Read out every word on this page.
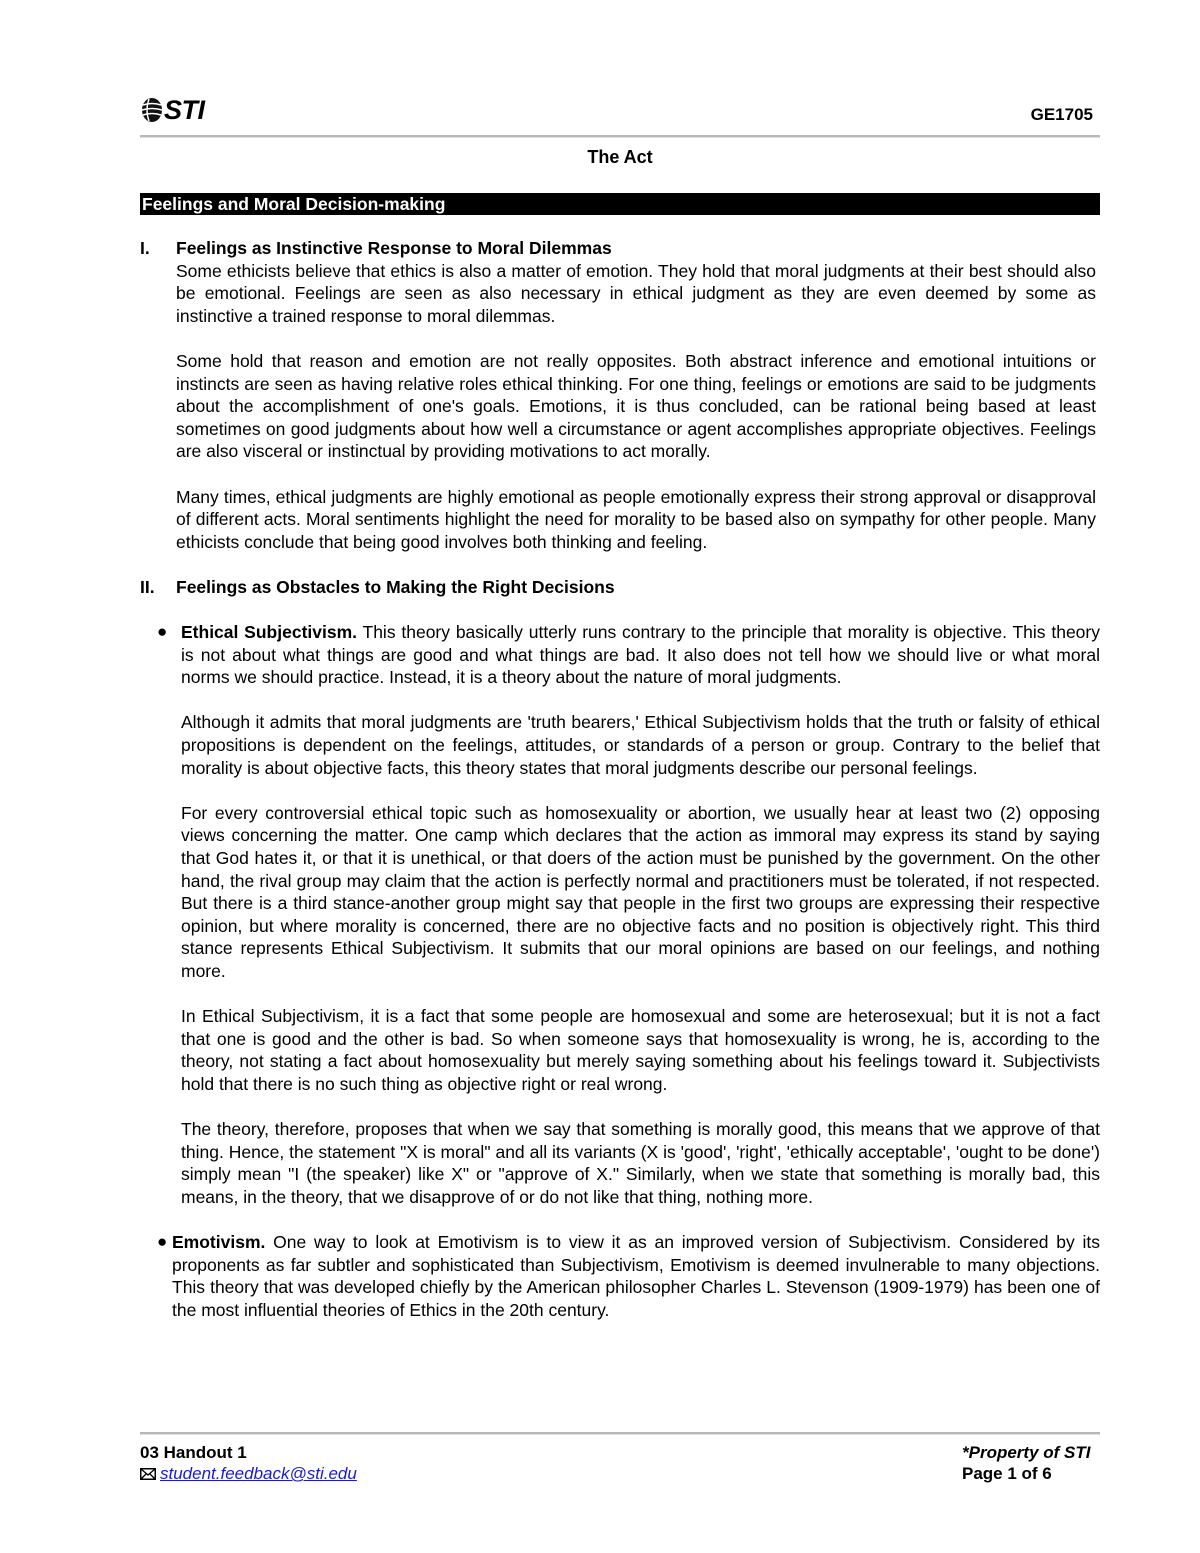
STI	GE1705
The Act
Feelings and Moral Decision-making
I.	Feelings as Instinctive Response to Moral Dilemmas

Some ethicists believe that ethics is also a matter of emotion. They hold that moral judgments at their best should also be emotional. Feelings are seen as also necessary in ethical judgment as they are even deemed by some as instinctive a trained response to moral dilemmas.

Some hold that reason and emotion are not really opposites. Both abstract inference and emotional intuitions or instincts are seen as having relative roles ethical thinking. For one thing, feelings or emotions are said to be judgments about the accomplishment of one's goals. Emotions, it is thus concluded, can be rational being based at least sometimes on good judgments about how well a circumstance or agent accomplishes appropriate objectives. Feelings are also visceral or instinctual by providing motivations to act morally.

Many times, ethical judgments are highly emotional as people emotionally express their strong approval or disapproval of different acts. Moral sentiments highlight the need for morality to be based also on sympathy for other people. Many ethicists conclude that being good involves both thinking and feeling.

II.	Feelings as Obstacles to Making the Right Decisions
● Ethical Subjectivism. This theory basically utterly runs contrary to the principle that morality is objective. This theory is not about what things are good and what things are bad. It also does not tell how we should live or what moral norms we should practice. Instead, it is a theory about the nature of moral judgments.

Although it admits that moral judgments are 'truth bearers,' Ethical Subjectivism holds that the truth or falsity of ethical propositions is dependent on the feelings, attitudes, or standards of a person or group. Contrary to the belief that morality is about objective facts, this theory states that moral judgments describe our personal feelings.

For every controversial ethical topic such as homosexuality or abortion, we usually hear at least two (2) opposing views concerning the matter. One camp which declares that the action as immoral may express its stand by saying that God hates it, or that it is unethical, or that doers of the action must be punished by the government. On the other hand, the rival group may claim that the action is perfectly normal and practitioners must be tolerated, if not respected. But there is a third stance-another group might say that people in the first two groups are expressing their respective opinion, but where morality is concerned, there are no objective facts and no position is objectively right. This third stance represents Ethical Subjectivism. It submits that our moral opinions are based on our feelings, and nothing more.

In Ethical Subjectivism, it is a fact that some people are homosexual and some are heterosexual; but it is not a fact that one is good and the other is bad. So when someone says that homosexuality is wrong, he is, according to the theory, not stating a fact about homosexuality but merely saying something about his feelings toward it. Subjectivists hold that there is no such thing as objective right or real wrong.

The theory, therefore, proposes that when we say that something is morally good, this means that we approve of that thing. Hence, the statement "X is moral" and all its variants (X is 'good', 'right', 'ethically acceptable', 'ought to be done') simply mean "I (the speaker) like X" or "approve of X." Similarly, when we state that something is morally bad, this means, in the theory, that we disapprove of or do not like that thing, nothing more.

● Emotivism. One way to look at Emotivism is to view it as an improved version of Subjectivism. Considered by its proponents as far subtler and sophisticated than Subjectivism, Emotivism is deemed invulnerable to many objections. This theory that was developed chiefly by the American philosopher Charles L. Stevenson (1909-1979) has been one of the most influential theories of Ethics in the 20th century.

03 Handout 1
student.feedback@sti.edu
*Property of STI
Page 1 of 6
